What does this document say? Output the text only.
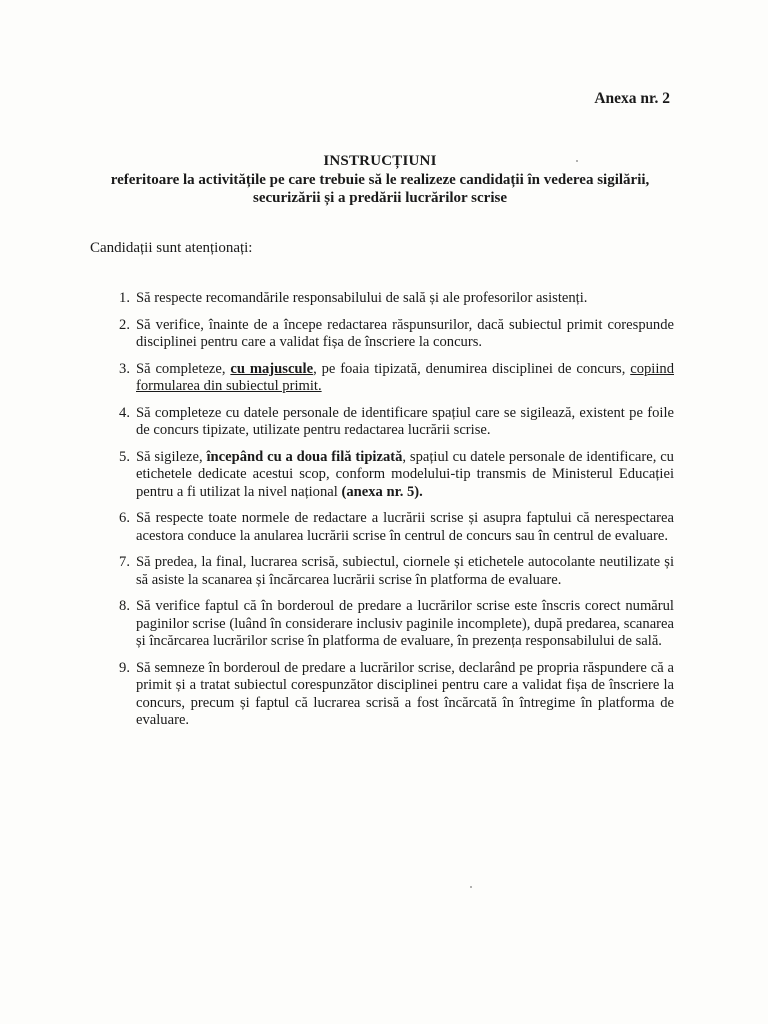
Anexa nr. 2
INSTRUCȚIUNI
referitoare la activitățile pe care trebuie să le realizeze candidații în vederea sigilării,
securizării și a predării lucrărilor scrise
Candidații sunt atenționați:
1. Să respecte recomandările responsabilului de sală și ale profesorilor asistenți.
2. Să verifice, înainte de a începe redactarea răspunsurilor, dacă subiectul primit corespunde disciplinei pentru care a validat fișa de înscriere la concurs.
3. Să completeze, cu majuscule, pe foaia tipizată, denumirea disciplinei de concurs, copiind formularea din subiectul primit.
4. Să completeze cu datele personale de identificare spațiul care se sigilează, existent pe foile de concurs tipizate, utilizate pentru redactarea lucrării scrise.
5. Să sigileze, începând cu a doua filă tipizată, spațiul cu datele personale de identificare, cu etichetele dedicate acestui scop, conform modelului-tip transmis de Ministerul Educației pentru a fi utilizat la nivel național (anexa nr. 5).
6. Să respecte toate normele de redactare a lucrării scrise și asupra faptului că nerespectarea acestora conduce la anularea lucrării scrise în centrul de concurs sau în centrul de evaluare.
7. Să predea, la final, lucrarea scrisă, subiectul, ciornele și etichetele autocolante neutilizate și să asiste la scanarea și încărcarea lucrării scrise în platforma de evaluare.
8. Să verifice faptul că în borderoul de predare a lucrărilor scrise este înscris corect numărul paginilor scrise (luând în considerare inclusiv paginile incomplete), după predarea, scanarea și încărcarea lucrărilor scrise în platforma de evaluare, în prezența responsabilului de sală.
9. Să semneze în borderoul de predare a lucrărilor scrise, declarând pe propria răspundere că a primit și a tratat subiectul corespunzător disciplinei pentru care a validat fișa de înscriere la concurs, precum și faptul că lucrarea scrisă a fost încărcată în întregime în platforma de evaluare.
